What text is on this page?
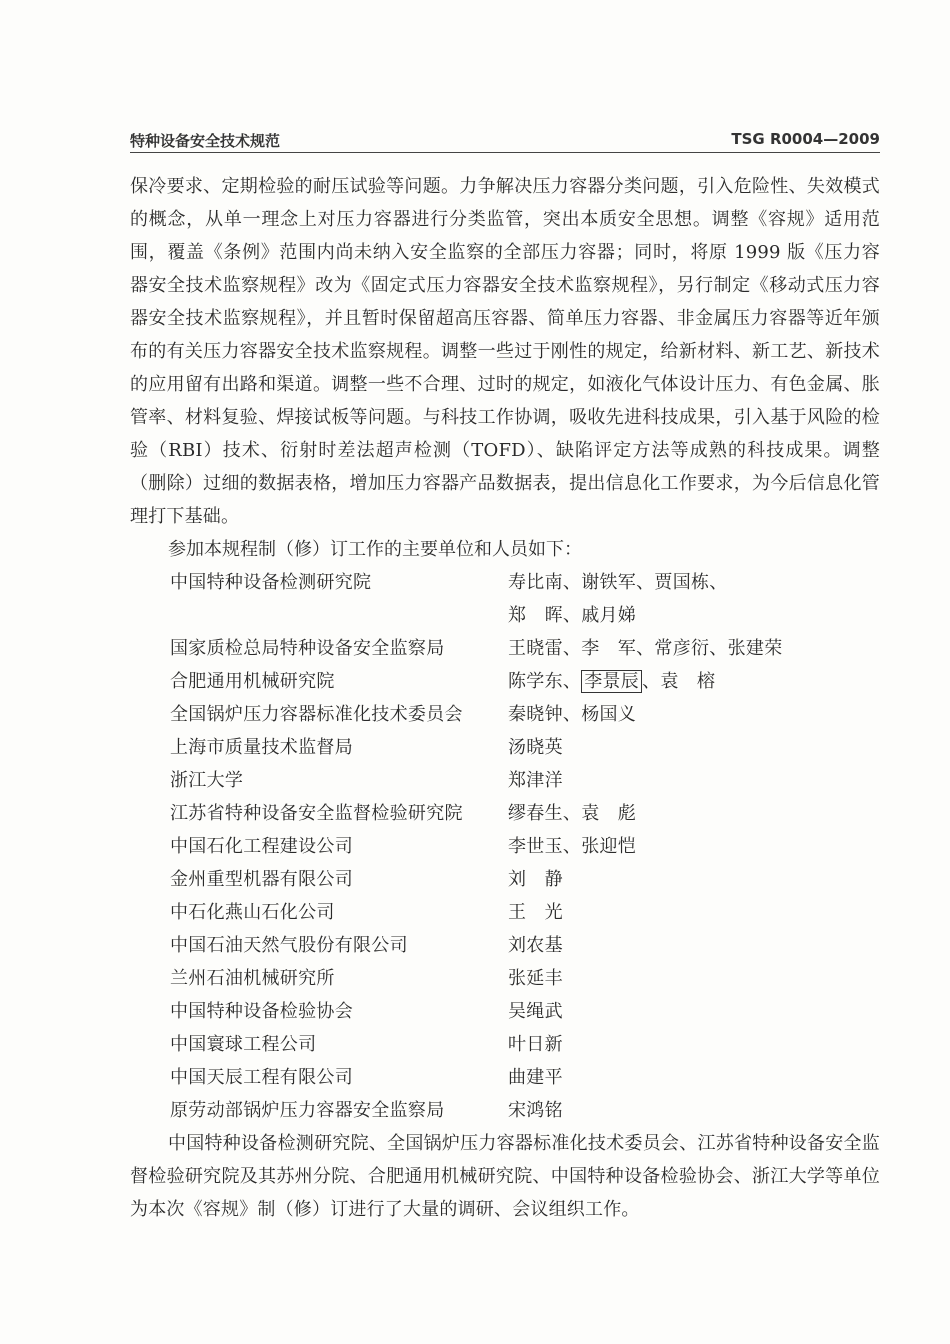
特种设备安全技术规范	TSG R0004—2009

保冷要求、定期检验的耐压试验等问题。力争解决压力容器分类问题，引入危险性、失效模式的概念，从单一理念上对压力容器进行分类监管，突出本质安全思想。调整《容规》适用范围，覆盖《条例》范围内尚未纳入安全监察的全部压力容器；同时，将原 1999 版《压力容器安全技术监察规程》改为《固定式压力容器安全技术监察规程》，另行制定《移动式压力容器安全技术监察规程》，并且暂时保留超高压容器、简单压力容器、非金属压力容器等近年颁布的有关压力容器安全技术监察规程。调整一些过于刚性的规定，给新材料、新工艺、新技术的应用留有出路和渠道。调整一些不合理、过时的规定，如液化气体设计压力、有色金属、胀管率、材料复验、焊接试板等问题。与科技工作协调，吸收先进科技成果，引入基于风险的检验（RBI）技术、衍射时差法超声检测（TOFD）、缺陷评定方法等成熟的科技成果。调整（删除）过细的数据表格，增加压力容器产品数据表，提出信息化工作要求，为今后信息化管理打下基础。

参加本规程制（修）订工作的主要单位和人员如下：

中国特种设备检测研究院	寿比南、谢铁军、贾国栋、
郑　晖、戚月娣
国家质检总局特种设备安全监察局	王晓雷、李　军、常彦衍、张建荣
合肥通用机械研究院	陈学东、 李景辰 、袁　榕
全国锅炉压力容器标准化技术委员会	秦晓钟、杨国义
上海市质量技术监督局	汤晓英
浙江大学	郑津洋
江苏省特种设备安全监督检验研究院	缪春生、袁　彪
中国石化工程建设公司	李世玉、张迎恺
金州重型机器有限公司	刘　静
中石化燕山石化公司	王　光
中国石油天然气股份有限公司	刘农基
兰州石油机械研究所	张延丰
中国特种设备检验协会	吴绳武
中国寰球工程公司	叶日新
中国天辰工程有限公司	曲建平
原劳动部锅炉压力容器安全监察局	宋鸿铭

中国特种设备检测研究院、全国锅炉压力容器标准化技术委员会、江苏省特种设备安全监督检验研究院及其苏州分院、合肥通用机械研究院、中国特种设备检验协会、浙江大学等单位为本次《容规》制（修）订进行了大量的调研、会议组织工作。
